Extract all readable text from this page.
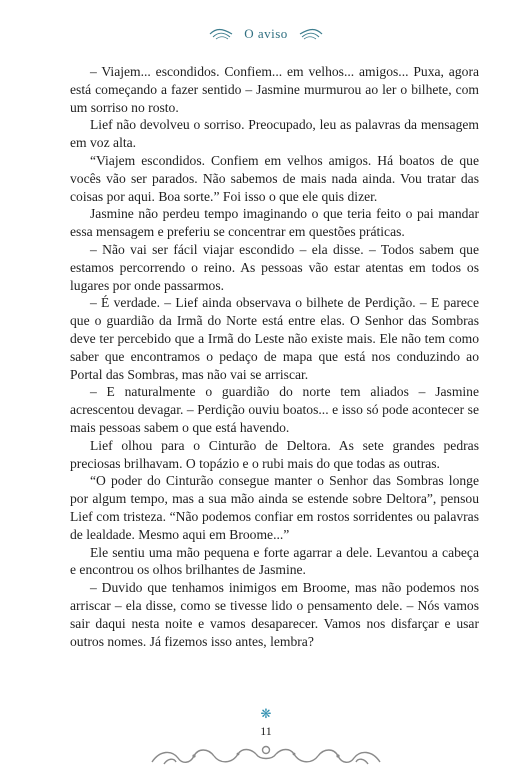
O aviso

– Viajem... escondidos. Confiem... em velhos... amigos... Puxa, agora está começando a fazer sentido – Jasmine murmurou ao ler o bilhete, com um sorriso no rosto.

Lief não devolveu o sorriso. Preocupado, leu as palavras da mensagem em voz alta.

“Viajem escondidos. Confiem em velhos amigos. Há boatos de que vocês vão ser parados. Não sabemos de mais nada ainda. Vou tratar das coisas por aqui. Boa sorte.” Foi isso o que ele quis dizer.

Jasmine não perdeu tempo imaginando o que teria feito o pai mandar essa mensagem e preferiu se concentrar em questões práticas.

– Não vai ser fácil viajar escondido – ela disse. – Todos sabem que estamos percorrendo o reino. As pessoas vão estar atentas em todos os lugares por onde passarmos.

– É verdade. – Lief ainda observava o bilhete de Perdição. – E parece que o guardião da Irmã do Norte está entre elas. O Senhor das Sombras deve ter percebido que a Irmã do Leste não existe mais. Ele não tem como saber que encontramos o pedaço de mapa que está nos conduzindo ao Portal das Sombras, mas não vai se arriscar.

– E naturalmente o guardião do norte tem aliados – Jasmine acrescentou devagar. – Perdição ouviu boatos... e isso só pode acontecer se mais pessoas sabem o que está havendo.

Lief olhou para o Cinturão de Deltora. As sete grandes pedras preciosas brilhavam. O topázio e o rubi mais do que todas as outras.

“O poder do Cinturão consegue manter o Senhor das Sombras longe por algum tempo, mas a sua mão ainda se estende sobre Deltora”, pensou Lief com tristeza. “Não podemos confiar em rostos sorridentes ou palavras de lealdade. Mesmo aqui em Broome...”

Ele sentiu uma mão pequena e forte agarrar a dele. Levantou a cabeça e encontrou os olhos brilhantes de Jasmine.

– Duvido que tenhamos inimigos em Broome, mas não podemos nos arriscar – ela disse, como se tivesse lido o pensamento dele. – Nós vamos sair daqui nesta noite e vamos desaparecer. Vamos nos disfarçar e usar outros nomes. Já fizemos isso antes, lembra?

❋
11
